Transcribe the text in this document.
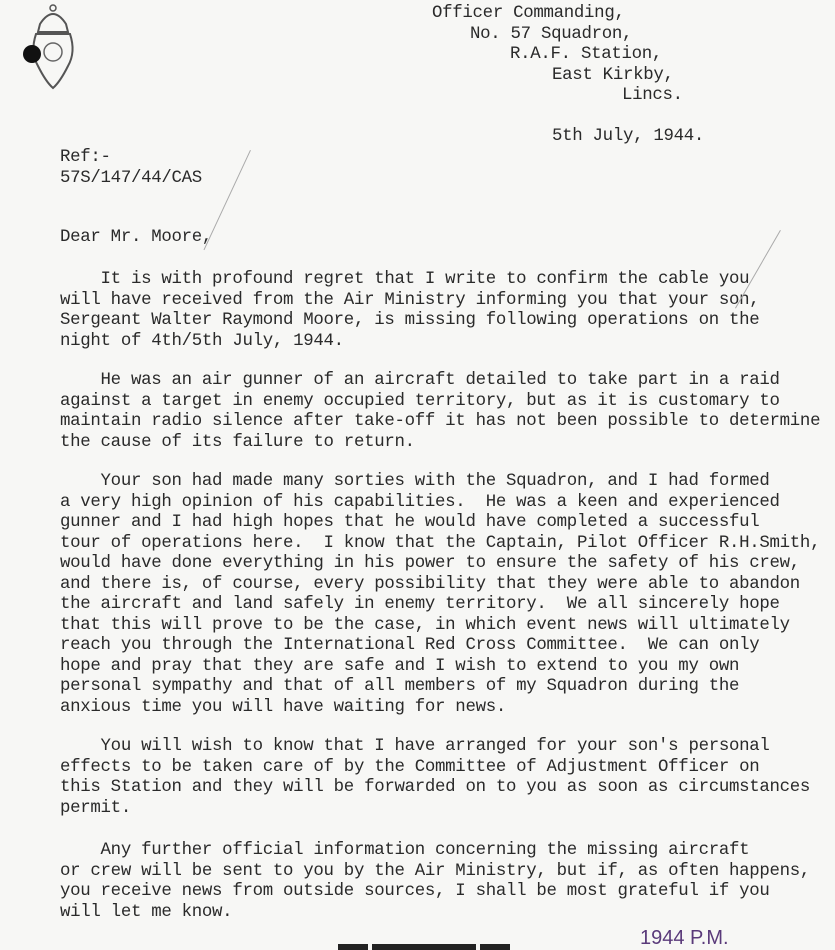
Officer Commanding,
No. 57 Squadron,
R.A.F. Station,
East Kirkby,
Lincs.
5th July, 1944.
Ref:-
57S/147/44/CAS
Dear Mr. Moore,
It is with profound regret that I write to confirm the cable you
will have received from the Air Ministry informing you that your son,
Sergeant Walter Raymond Moore, is missing following operations on the
night of 4th/5th July, 1944.
He was an air gunner of an aircraft detailed to take part in a raid
against a target in enemy occupied territory, but as it is customary to
maintain radio silence after take-off it has not been possible to determine
the cause of its failure to return.
Your son had made many sorties with the Squadron, and I had formed
a very high opinion of his capabilities.  He was a keen and experienced
gunner and I had high hopes that he would have completed a successful
tour of operations here.  I know that the Captain, Pilot Officer R.H.Smith,
would have done everything in his power to ensure the safety of his crew,
and there is, of course, every possibility that they were able to abandon
the aircraft and land safely in enemy territory.  We all sincerely hope
that this will prove to be the case, in which event news will ultimately
reach you through the International Red Cross Committee.  We can only
hope and pray that they are safe and I wish to extend to you my own
personal sympathy and that of all members of my Squadron during the
anxious time you will have waiting for news.
You will wish to know that I have arranged for your son's personal
effects to be taken care of by the Committee of Adjustment Officer on
this Station and they will be forwarded on to you as soon as circumstances
permit.
Any further official information concerning the missing aircraft
or crew will be sent to you by the Air Ministry, but if, as often happens,
you receive news from outside sources, I shall be most grateful if you
will let me know.
1944 P.M.
